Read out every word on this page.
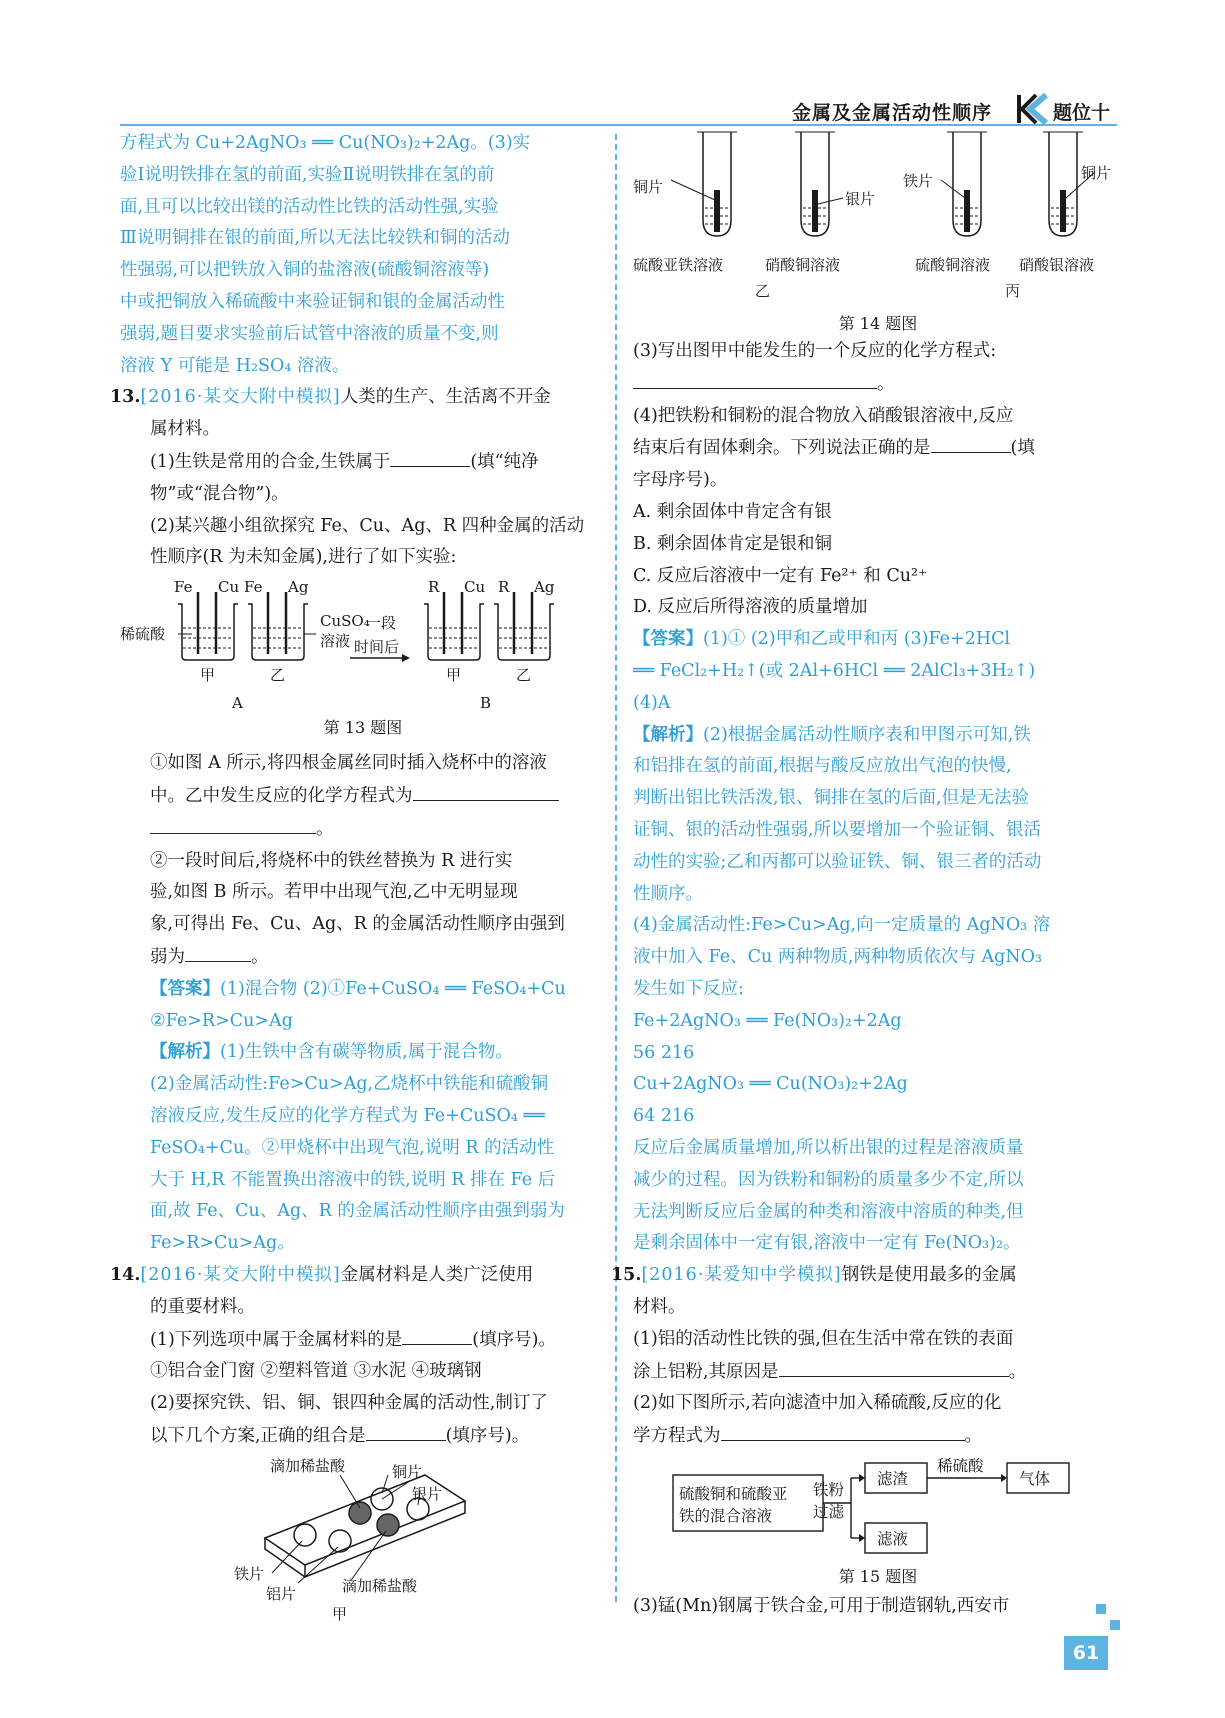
金属及金属活动性顺序	题位十

方程式为 Cu+2AgNO₃ ══ Cu(NO₃)₂+2Ag。(3)实

验Ⅰ说明铁排在氢的前面,实验Ⅱ说明铁排在氢的前

面,且可以比较出镁的活动性比铁的活动性强,实验

Ⅲ说明铜排在银的前面,所以无法比较铁和铜的活动

性强弱,可以把铁放入铜的盐溶液(硫酸铜溶液等)

中或把铜放入稀硫酸中来验证铜和银的金属活动性

强弱,题目要求实验前后试管中溶液的质量不变,则

溶液 Y 可能是 H₂SO₄ 溶液。

13.[2016·某交大附中模拟]人类的生产、生活离不开金

属材料。

(1)生铁是常用的合金,生铁属于	(填“纯净

物”或“混合物”)。

(2)某兴趣小组欲探究 Fe、Cu、Ag、R 四种金属的活动

性顺序(R 为未知金属),进行了如下实验:

Fe Cu Fe Ag	R Cu R Ag
稀硫酸
CuSO₄
溶液
一段
时间后
甲	乙	甲	乙
A	B
第 13 题图

①如图 A 所示,将四根金属丝同时插入烧杯中的溶液

中。乙中发生反应的化学方程式为

。

②一段时间后,将烧杯中的铁丝替换为 R 进行实

验,如图 B 所示。若甲中出现气泡,乙中无明显现

象,可得出 Fe、Cu、Ag、R 的金属活动性顺序由强到

弱为	。

【答案】(1)混合物 (2)①Fe+CuSO₄ ══ FeSO₄+Cu

②Fe>R>Cu>Ag

【解析】(1)生铁中含有碳等物质,属于混合物。

(2)金属活动性:Fe>Cu>Ag,乙烧杯中铁能和硫酸铜

溶液反应,发生反应的化学方程式为 Fe+CuSO₄ ══

FeSO₄+Cu。②甲烧杯中出现气泡,说明 R 的活动性

大于 H,R 不能置换出溶液中的铁,说明 R 排在 Fe 后

面,故 Fe、Cu、Ag、R 的金属活动性顺序由强到弱为

Fe>R>Cu>Ag。

14.[2016·某交大附中模拟]金属材料是人类广泛使用

的重要材料。

(1)下列选项中属于金属材料的是	(填序号)。

①铝合金门窗 ②塑料管道 ③水泥 ④玻璃钢

(2)要探究铁、铝、铜、银四种金属的活动性,制订了

以下几个方案,正确的组合是	(填序号)。

滴加稀盐酸	铜片
银片
铁片
铝片	滴加稀盐酸
甲
铜片
银片
铁片	铜片
硫酸亚铁溶液	硝酸铜溶液	硫酸铜溶液 硝酸银溶液
乙	丙
第 14 题图

(3)写出图甲中能发生的一个反应的化学方程式:

。

(4)把铁粉和铜粉的混合物放入硝酸银溶液中,反应

结束后有固体剩余。下列说法正确的是	(填

字母序号)。

A. 剩余固体中肯定含有银

B. 剩余固体肯定是银和铜

C. 反应后溶液中一定有 Fe²⁺ 和 Cu²⁺

D. 反应后所得溶液的质量增加

【答案】(1)① (2)甲和乙或甲和丙 (3)Fe+2HCl

══ FeCl₂+H₂↑(或 2Al+6HCl ══ 2AlCl₃+3H₂↑)

(4)A

【解析】(2)根据金属活动性顺序表和甲图示可知,铁

和铝排在氢的前面,根据与酸反应放出气泡的快慢,

判断出铝比铁活泼,银、铜排在氢的后面,但是无法验

证铜、银的活动性强弱,所以要增加一个验证铜、银活

动性的实验;乙和丙都可以验证铁、铜、银三者的活动

性顺序。

(4)金属活动性:Fe>Cu>Ag,向一定质量的 AgNO₃ 溶

液中加入 Fe、Cu 两种物质,两种物质依次与 AgNO₃

发生如下反应:

Fe+2AgNO₃ ══ Fe(NO₃)₂+2Ag

56 216

Cu+2AgNO₃ ══ Cu(NO₃)₂+2Ag

64 216

反应后金属质量增加,所以析出银的过程是溶液质量

减少的过程。因为铁粉和铜粉的质量多少不定,所以

无法判断反应后金属的种类和溶液中溶质的种类,但

是剩余固体中一定有银,溶液中一定有 Fe(NO₃)₂。

15.[2016·某爱知中学模拟]钢铁是使用最多的金属

材料。

(1)铝的活动性比铁的强,但在生活中常在铁的表面

涂上铝粉,其原因是	。

(2)如下图所示,若向滤渣中加入稀硫酸,反应的化

学方程式为	。

硫酸铜和硫酸亚
铁的混合溶液
铁粉
过滤
滤渣
滤液
稀硫酸
气体
第 15 题图

(3)锰(Mn)钢属于铁合金,可用于制造钢轨,西安市

61
